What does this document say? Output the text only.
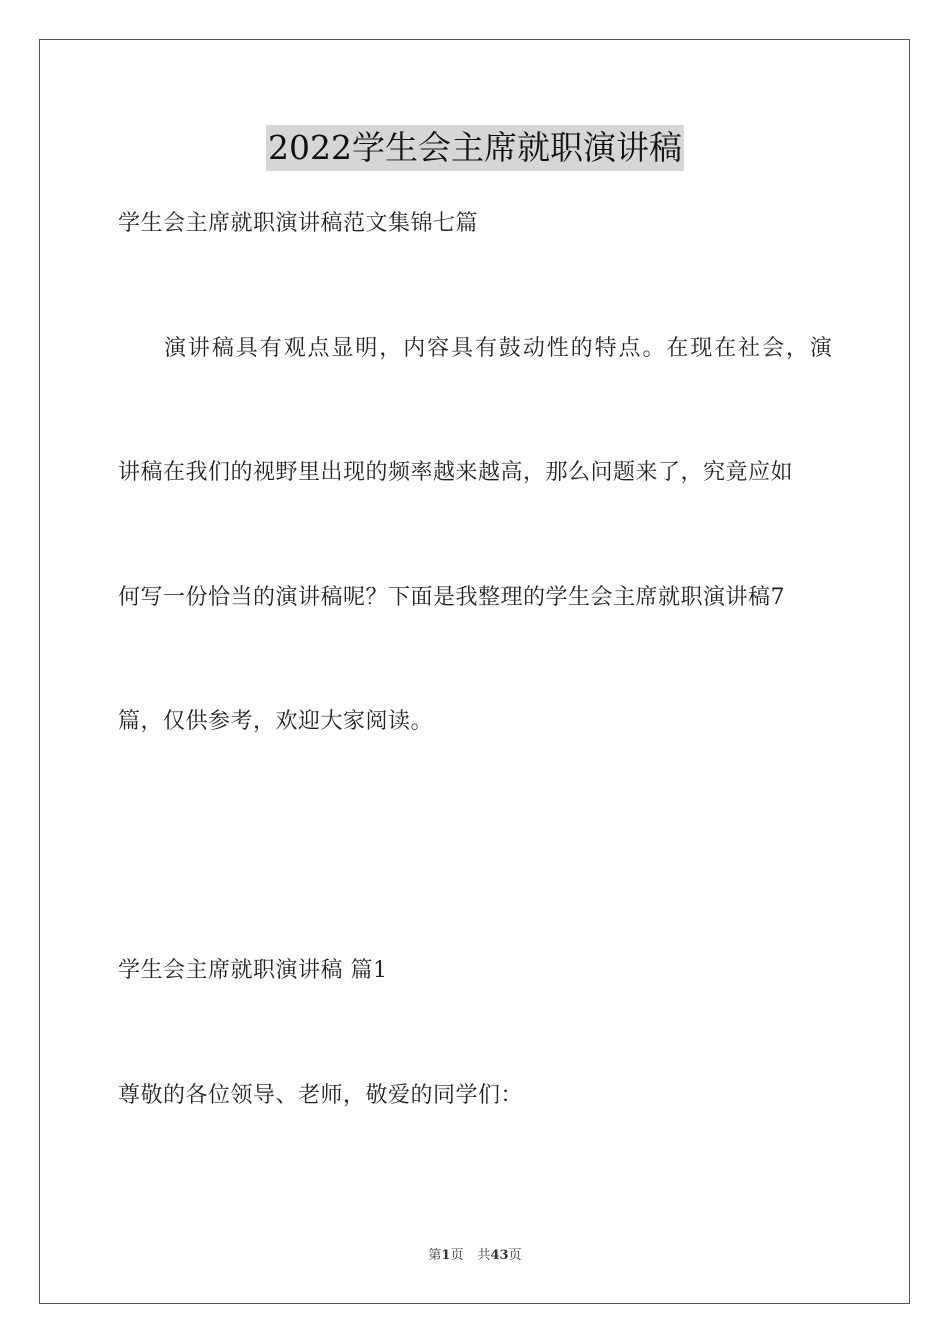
2022学生会主席就职演讲稿

学生会主席就职演讲稿范文集锦七篇

演 讲 稿 具 有 观 点 显 明 ， 内 容 具 有 鼓 动 性 的 特 点 。 在 现 在 社 会 ， 演

讲稿在我们的视野里出现的频率越来越高，那么问题来了，究竟应如

何写一份恰当的演讲稿呢？下面是我整理的学生会主席就职演讲稿7

篇，仅供参考，欢迎大家阅读。

学生会主席就职演讲稿 篇1

尊敬的各位领导、老师，敬爱的同学们：

第1页 共43页
